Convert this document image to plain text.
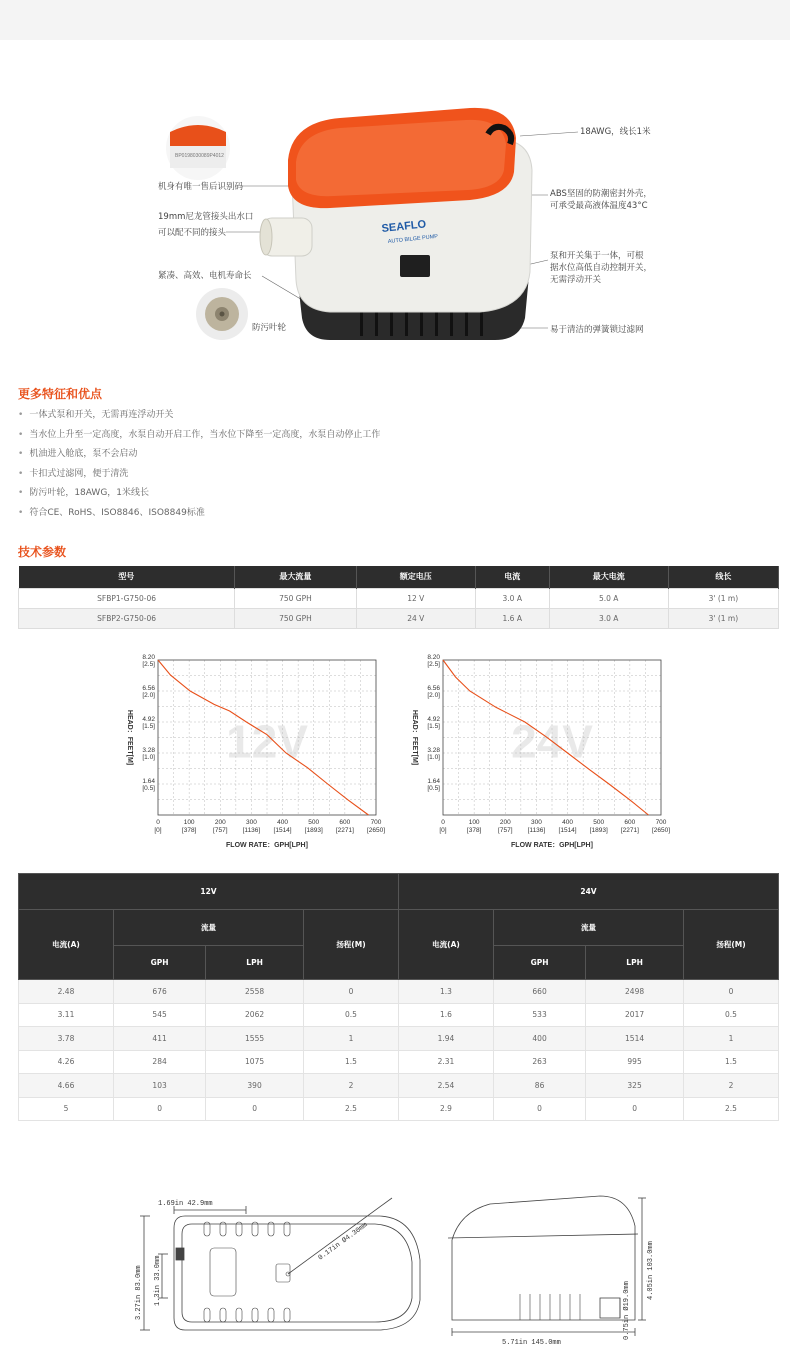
BP0198030089P4012
SEAFLO
AUTO BILGE PUMP
机身有唯一售后识别码
19mm尼龙管接头出水口
可以配不同的接头
紧凑、高效、电机寿命长
防污叶轮
18AWG，线长1米
ABS坚固的防潮密封外壳，
可承受最高液体温度43°C
泵和开关集于一体，可根
据水位高低自动控制开关，
无需浮动开关
易于清洁的弹簧锁过滤网
更多特征和优点
• 一体式泵和开关，无需再连浮动开关
• 当水位上升至一定高度，水泵自动开启工作，当水位下降至一定高度，水泵自动停止工作
• 机油进入舱底，泵不会启动
• 卡扣式过滤网，便于清洗
• 防污叶轮，18AWG，1米线长
• 符合CE、RoHS、ISO8846、ISO8849标准
技术参数
型号	最大流量	额定电压	电流	最大电流	线长
SFBP1-G750-06	750 GPH	12 V	3.0 A	5.0 A	3' (1 m)
SFBP2-G750-06	750 GPH	24 V	1.6 A	3.0 A	3' (1 m)
12V
8.20
[2.5]
6.56
[2.0]
4.92
[1.5]
3.28
[1.0]
1.64
[0.5]
0
[0]
100
[378]
200
[757]
300
[1136]
400
[1514]
500
[1893]
600
[2271]
700
[2650]
FLOW RATE：GPH[LPH]
HEAD：FEET[M]	24V
8.20
[2.5]
6.56
[2.0]
4.92
[1.5]
3.28
[1.0]
1.64
[0.5]
0
[0]
100
[378]
200
[757]
300
[1136]
400
[1514]
500
[1893]
600
[2271]
700
[2650]
FLOW RATE：GPH[LPH]
HEAD：FEET[M]
12V				24V			
电流(A)	流量		扬程(M)	电流(A)	流量		扬程(M)
	GPH	LPH			GPH	LPH	
2.48	676	2558	0	1.3	660	2498	0
3.11	545	2062	0.5	1.6	533	2017	0.5
3.78	411	1555	1	1.94	400	1514	1
4.26	284	1075	1.5	2.31	263	995	1.5
4.66	103	390	2	2.54	86	325	2
5	0	0	2.5	2.9	0	0	2.5
1.69in 42.9mm
0.17in Ø4.30mm
3.27in 83.0mm 1.3in 33.0mm	4.05in 103.0mm
0.75in Ø19.0mm
5.71in 145.0mm
